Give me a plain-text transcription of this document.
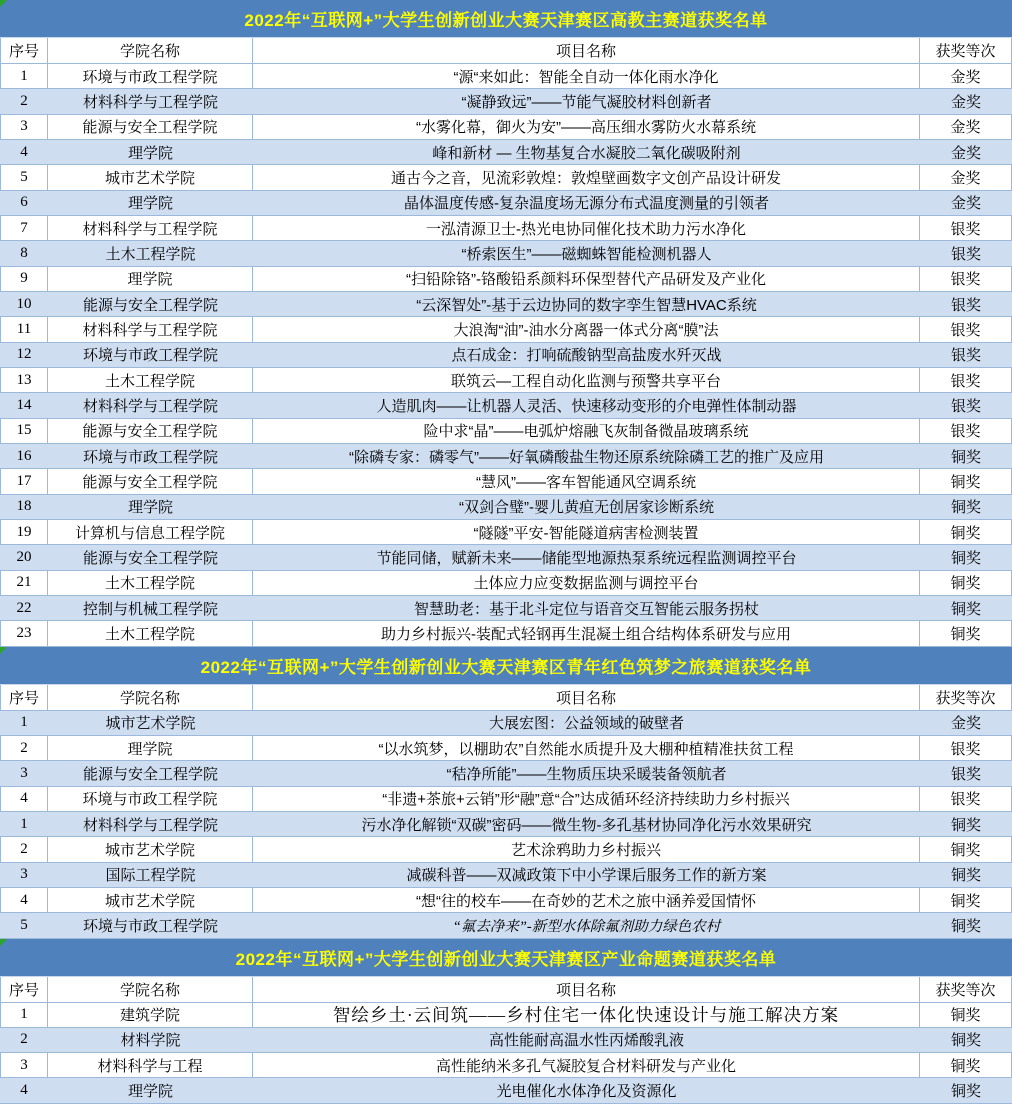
2022年“互联网+”大学生创新创业大赛天津赛区高教主赛道获奖名单
序号	学院名称	项目名称	获奖等次
1	环境与市政工程学院	“源“来如此：智能全自动一体化雨水净化	金奖
2	材料科学与工程学院	“凝静致远”——节能气凝胶材料创新者	金奖
3	能源与安全工程学院	“水雾化幕，御火为安”——高压细水雾防火水幕系统	金奖
4	理学院	峰和新材 — 生物基复合水凝胶二氧化碳吸附剂	金奖
5	城市艺术学院	通古今之音，见流彩敦煌：敦煌壁画数字文创产品设计研发	金奖
6	理学院	晶体温度传感-复杂温度场无源分布式温度测量的引领者	金奖
7	材料科学与工程学院	一泓清源卫士-热光电协同催化技术助力污水净化	银奖
8	土木工程学院	“桥索医生”——磁蜘蛛智能检测机器人	银奖
9	理学院	“扫铅除铬”-铬酸铅系颜料环保型替代产品研发及产业化	银奖
10	能源与安全工程学院	“云深智处”-基于云边协同的数字孪生智慧HVAC系统	银奖
11	材料科学与工程学院	大浪淘“油”-油水分离器一体式分离“膜”法	银奖
12	环境与市政工程学院	点石成金：打响硫酸钠型高盐废水歼灭战	银奖
13	土木工程学院	联筑云—工程自动化监测与预警共享平台	银奖
14	材料科学与工程学院	人造肌肉——让机器人灵活、快速移动变形的介电弹性体制动器	银奖
15	能源与安全工程学院	险中求“晶”——电弧炉熔融飞灰制备微晶玻璃系统	银奖
16	环境与市政工程学院	“除磷专家：磷零气”——好氧磷酸盐生物还原系统除磷工艺的推广及应用	铜奖
17	能源与安全工程学院	“慧风”——客车智能通风空调系统	铜奖
18	理学院	“双剑合璧”-婴儿黄疸无创居家诊断系统	铜奖
19	计算机与信息工程学院	“隧隧”平安-智能隧道病害检测装置	铜奖
20	能源与安全工程学院	节能同储，赋新未来——储能型地源热泵系统远程监测调控平台	铜奖
21	土木工程学院	土体应力应变数据监测与调控平台	铜奖
22	控制与机械工程学院	智慧助老：基于北斗定位与语音交互智能云服务拐杖	铜奖
23	土木工程学院	助力乡村振兴-装配式轻钢再生混凝土组合结构体系研发与应用	铜奖
2022年“互联网+”大学生创新创业大赛天津赛区青年红色筑梦之旅赛道获奖名单
序号	学院名称	项目名称	获奖等次
1	城市艺术学院	大展宏图：公益领域的破壁者	金奖
2	理学院	“以水筑梦，以棚助农”自然能水质提升及大棚种植精准扶贫工程	银奖
3	能源与安全工程学院	“秸净所能”——生物质压块采暖装备领航者	银奖
4	环境与市政工程学院	“非遗+茶旅+云销”形“融”意“合”达成循环经济持续助力乡村振兴	银奖
1	材料科学与工程学院	污水净化解锁“双碳”密码——微生物-多孔基材协同净化污水效果研究	铜奖
2	城市艺术学院	艺术涂鸦助力乡村振兴	铜奖
3	国际工程学院	减碳科普——双减政策下中小学课后服务工作的新方案	铜奖
4	城市艺术学院	“想“往的校车——在奇妙的艺术之旅中涵养爱国情怀	铜奖
5	环境与市政工程学院	“氟去净来”-新型水体除氟剂助力绿色农村	铜奖
2022年“互联网+”大学生创新创业大赛天津赛区产业命题赛道获奖名单
序号	学院名称	项目名称	获奖等次
1	建筑学院	智绘乡土·云间筑——乡村住宅一体化快速设计与施工解决方案	铜奖
2	材料学院	高性能耐高温水性丙烯酸乳液	铜奖
3	材料科学与工程	高性能纳米多孔气凝胶复合材料研发与产业化	铜奖
4	理学院	光电催化水体净化及资源化	铜奖
